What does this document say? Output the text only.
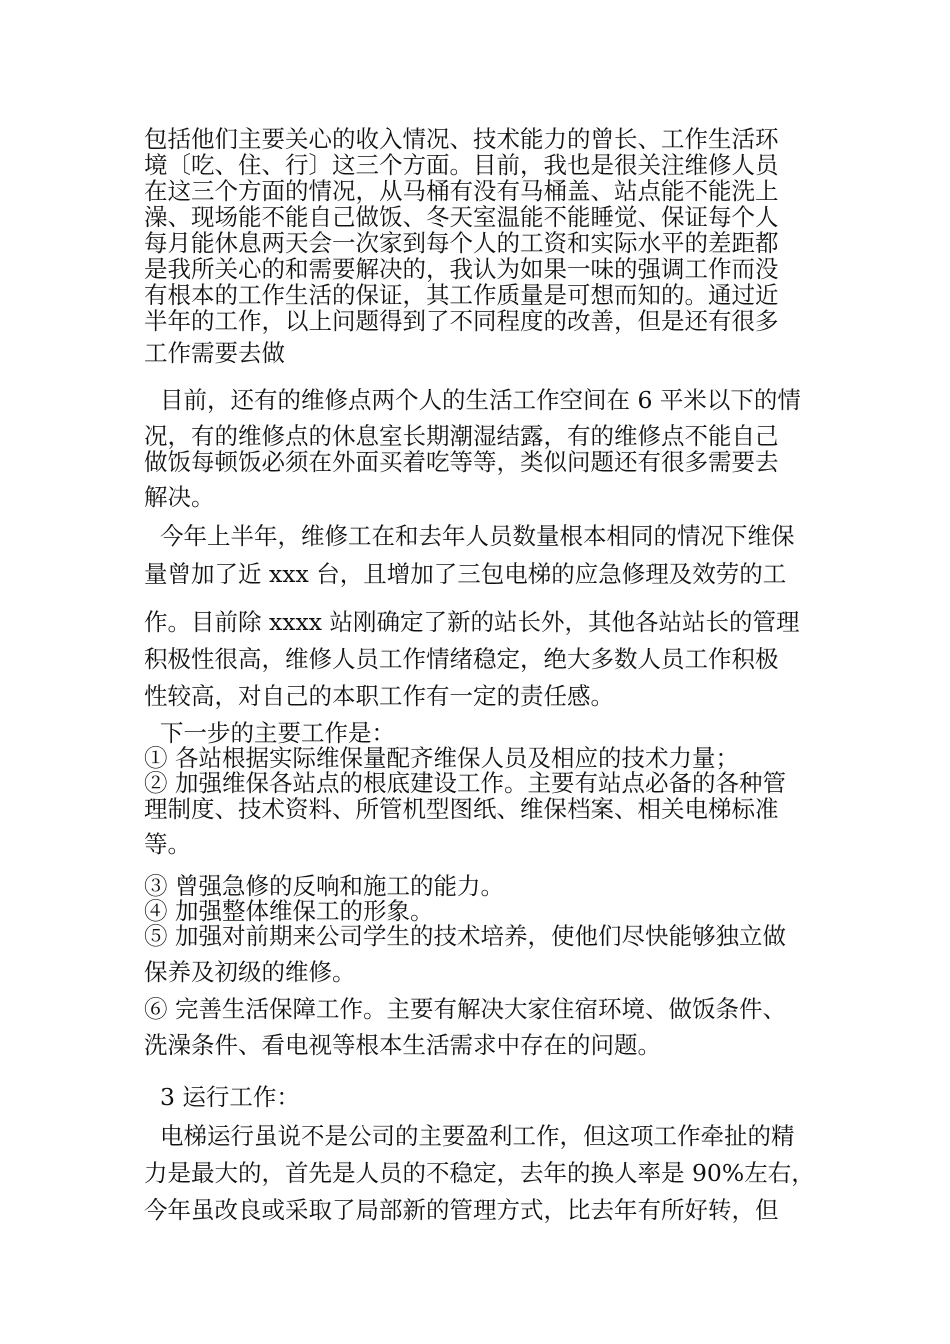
包括他们主要关心的收入情况、技术能力的曾长、工作生活环
境〔吃、住、行〕这三个方面。目前，我也是很关注维修人员
在这三个方面的情况，从马桶有没有马桶盖、站点能不能洗上
澡、现场能不能自己做饭、冬天室温能不能睡觉、保证每个人
每月能休息两天会一次家到每个人的工资和实际水平的差距都
是我所关心的和需要解决的，我认为如果一味的强调工作而没
有根本的工作生活的保证，其工作质量是可想而知的。通过近
半年的工作，以上问题得到了不同程度的改善，但是还有很多
工作需要去做
目前，还有的维修点两个人的生活工作空间在 6 平米以下的情
况，有的维修点的休息室长期潮湿结露，有的维修点不能自己
做饭每顿饭必须在外面买着吃等等，类似问题还有很多需要去
解决。
今年上半年，维修工在和去年人员数量根本相同的情况下维保
量曾加了近 xxx 台，且增加了三包电梯的应急修理及效劳的工
作。目前除 xxxx 站刚确定了新的站长外，其他各站站长的管理
积极性很高，维修人员工作情绪稳定，绝大多数人员工作积极
性较高，对自己的本职工作有一定的责任感。
下一步的主要工作是：
① 各站根据实际维保量配齐维保人员及相应的技术力量；
② 加强维保各站点的根底建设工作。主要有站点必备的各种管
理制度、技术资料、所管机型图纸、维保档案、相关电梯标准
等。
③ 曾强急修的反响和施工的能力。
④ 加强整体维保工的形象。
⑤ 加强对前期来公司学生的技术培养，使他们尽快能够独立做
保养及初级的维修。
⑥ 完善生活保障工作。主要有解决大家住宿环境、做饭条件、
洗澡条件、看电视等根本生活需求中存在的问题。
3 运行工作：
电梯运行虽说不是公司的主要盈利工作，但这项工作牵扯的精
力是最大的，首先是人员的不稳定，去年的换人率是 90%左右，
今年虽改良或采取了局部新的管理方式，比去年有所好转，但
